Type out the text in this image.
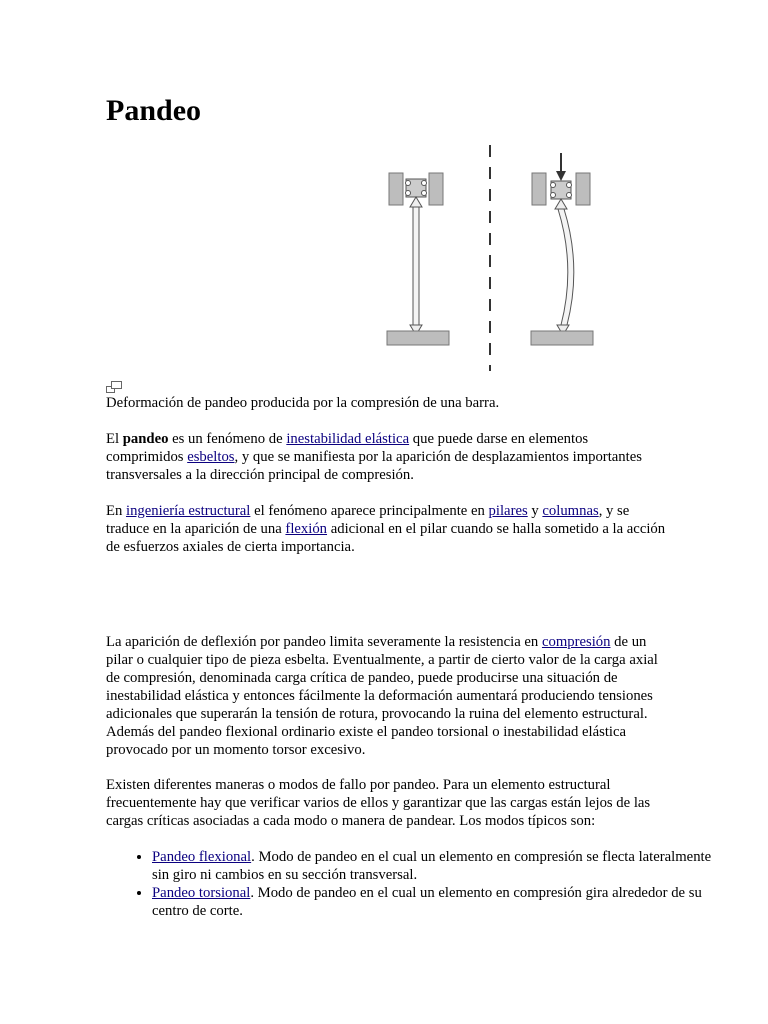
Pandeo

Deformación de pandeo producida por la compresión de una barra.

El pandeo es un fenómeno de inestabilidad elástica que puede darse en elementos comprimidos esbeltos, y que se manifiesta por la aparición de desplazamientos importantes transversales a la dirección principal de compresión.

En ingeniería estructural el fenómeno aparece principalmente en pilares y columnas, y se traduce en la aparición de una flexión adicional en el pilar cuando se halla sometido a la acción de esfuerzos axiales de cierta importancia.

La aparición de deflexión por pandeo limita severamente la resistencia en compresión de un pilar o cualquier tipo de pieza esbelta. Eventualmente, a partir de cierto valor de la carga axial de compresión, denominada carga crítica de pandeo, puede producirse una situación de inestabilidad elástica y entonces fácilmente la deformación aumentará produciendo tensiones adicionales que superarán la tensión de rotura, provocando la ruina del elemento estructural. Además del pandeo flexional ordinario existe el pandeo torsional o inestabilidad elástica provocado por un momento torsor excesivo.

Existen diferentes maneras o modos de fallo por pandeo. Para un elemento estructural frecuentemente hay que verificar varios de ellos y garantizar que las cargas están lejos de las cargas críticas asociadas a cada modo o manera de pandear. Los modos típicos son:

• Pandeo flexional. Modo de pandeo en el cual un elemento en compresión se flecta lateralmente sin giro ni cambios en su sección transversal.
• Pandeo torsional. Modo de pandeo en el cual un elemento en compresión gira alrededor de su centro de corte.
